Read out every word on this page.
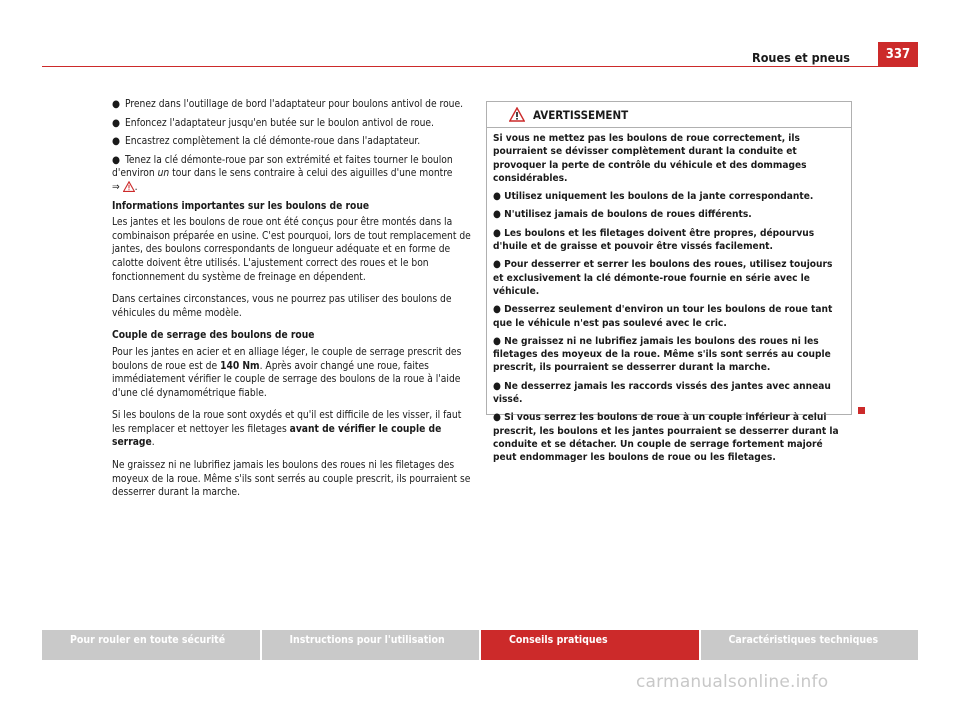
Roues et pneus	337

● Prenez dans l'outillage de bord l'adaptateur pour boulons antivol de roue.

● Enfoncez l'adaptateur jusqu'en butée sur le boulon antivol de roue.

● Encastrez complètement la clé démonte-roue dans l'adaptateur.

● Tenez la clé démonte-roue par son extrémité et faites tourner le boulon d'environ un tour dans le sens contraire à celui des aiguilles d'une montre
⇒ .

Informations importantes sur les boulons de roue

Les jantes et les boulons de roue ont été conçus pour être montés dans la combinaison préparée en usine. C'est pourquoi, lors de tout remplacement de jantes, des boulons correspondants de longueur adéquate et en forme de calotte doivent être utilisés. L'ajustement correct des roues et le bon fonctionnement du système de freinage en dépendent.

Dans certaines circonstances, vous ne pourrez pas utiliser des boulons de véhicules du même modèle.

Couple de serrage des boulons de roue

Pour les jantes en acier et en alliage léger, le couple de serrage prescrit des boulons de roue est de 140 Nm. Après avoir changé une roue, faites immédiatement vérifier le couple de serrage des boulons de la roue à l'aide d'une clé dynamométrique fiable.

Si les boulons de la roue sont oxydés et qu'il est difficile de les visser, il faut les remplacer et nettoyer les filetages avant de vérifier le couple de serrage.

Ne graissez ni ne lubrifiez jamais les boulons des roues ni les filetages des moyeux de la roue. Même s'ils sont serrés au couple prescrit, ils pourraient se desserrer durant la marche.

AVERTISSEMENT

Si vous ne mettez pas les boulons de roue correctement, ils pourraient se dévisser complètement durant la conduite et provoquer la perte de contrôle du véhicule et des dommages considérables.

● Utilisez uniquement les boulons de la jante correspondante.

● N'utilisez jamais de boulons de roues différents.

● Les boulons et les filetages doivent être propres, dépourvus d'huile et de graisse et pouvoir être vissés facilement.

● Pour desserrer et serrer les boulons des roues, utilisez toujours et exclusivement la clé démonte-roue fournie en série avec le véhicule.

● Desserrez seulement d'environ un tour les boulons de roue tant que le véhicule n'est pas soulevé avec le cric.

● Ne graissez ni ne lubrifiez jamais les boulons des roues ni les filetages des moyeux de la roue. Même s'ils sont serrés au couple prescrit, ils pourraient se desserrer durant la marche.

● Ne desserrez jamais les raccords vissés des jantes avec anneau vissé.

● Si vous serrez les boulons de roue à un couple inférieur à celui prescrit, les boulons et les jantes pourraient se desserrer durant la conduite et se détacher. Un couple de serrage fortement majoré peut endommager les boulons de roue ou les filetages.

Pour rouler en toute sécurité	Instructions pour l'utilisation	Conseils pratiques	Caractéristiques techniques
carmanualsonline.info
